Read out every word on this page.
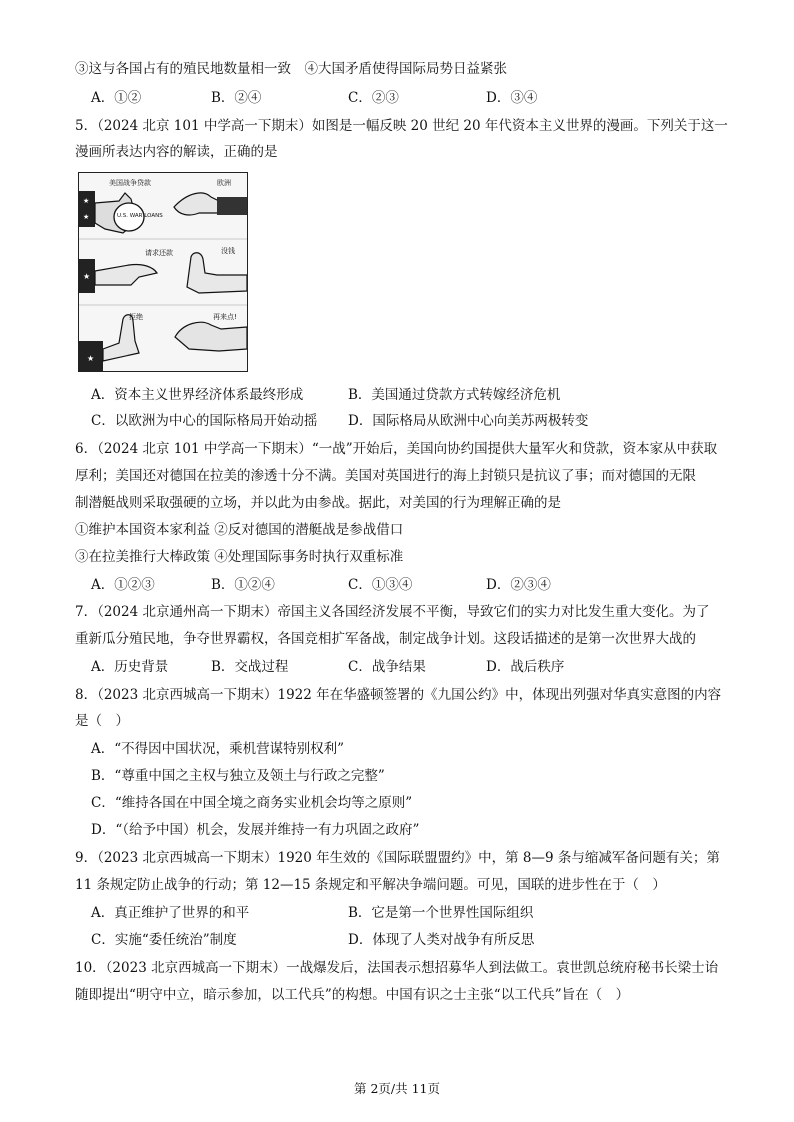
③这与各国占有的殖民地数量相一致　④大国矛盾使得国际局势日益紧张
A．①②	B．②④	C．②③	D．③④
5．（2024 北京 101 中学高一下期末）如图是一幅反映 20 世纪 20 年代资本主义世界的漫画。下列关于这一
漫画所表达内容的解读，正确的是
★
★	U.S. WAR LOANS
美国战争贷款	欧洲
★
请求还款	没钱
★
拒绝	再来点!
A．资本主义世界经济体系最终形成	B．美国通过贷款方式转嫁经济危机
C．以欧洲为中心的国际格局开始动摇 D．国际格局从欧洲中心向美苏两极转变
6．（2024 北京 101 中学高一下期末）“一战”开始后，美国向协约国提供大量军火和贷款，资本家从中获取
厚利；美国还对德国在拉美的渗透十分不满。美国对英国进行的海上封锁只是抗议了事；而对德国的无限
制潜艇战则采取强硬的立场，并以此为由参战。据此，对美国的行为理解正确的是
①维护本国资本家利益 ②反对德国的潜艇战是参战借口
③在拉美推行大棒政策 ④处理国际事务时执行双重标准
A．①②③	B．①②④	C．①③④	D．②③④
7．（2024 北京通州高一下期末）帝国主义各国经济发展不平衡，导致它们的实力对比发生重大变化。为了
重新瓜分殖民地，争夺世界霸权，各国竞相扩军备战，制定战争计划。这段话描述的是第一次世界大战的
A．历史背景	B．交战过程	C．战争结果	D．战后秩序
8．（2023 北京西城高一下期末）1922 年在华盛顿签署的《九国公约》中，体现出列强对华真实意图的内容
是（　）
A．“不得因中国状况，乘机营谋特别权利”
B．“尊重中国之主权与独立及领土与行政之完整”
C．“维持各国在中国全境之商务实业机会均等之原则”
D．“（给予中国）机会，发展并维持一有力巩固之政府”
9．（2023 北京西城高一下期末）1920 年生效的《国际联盟盟约》中，第 8—9 条与缩减军备问题有关；第
11 条规定防止战争的行动；第 12—15 条规定和平解决争端问题。可见，国联的进步性在于（　）
A．真正维护了世界的和平	B．它是第一个世界性国际组织
C．实施“委任统治”制度	D．体现了人类对战争有所反思
10．（2023 北京西城高一下期末）一战爆发后，法国表示想招募华人到法做工。袁世凯总统府秘书长梁士诒
随即提出“明守中立，暗示参加，以工代兵”的构想。中国有识之士主张“以工代兵”旨在（　）
第 2页/共 11页
